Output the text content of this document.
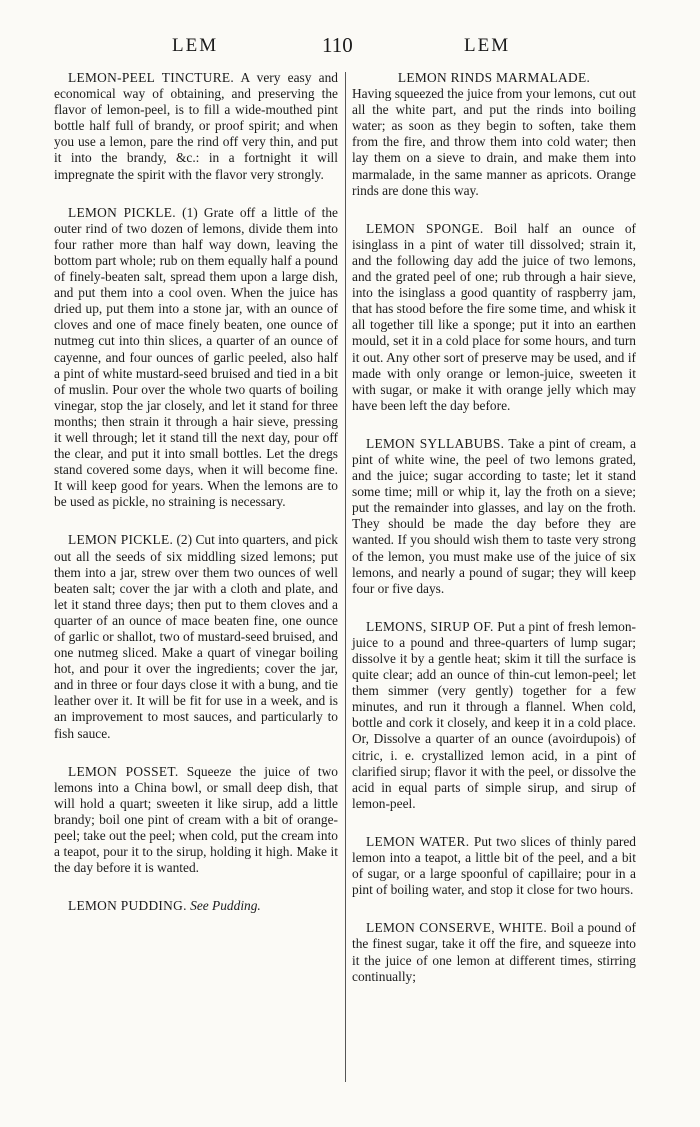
LEM	110	LEM

LEMON-PEEL TINCTURE. A very easy and economical way of obtaining, and preserving the flavor of lemon-peel, is to fill a wide-mouthed pint bottle half full of brandy, or proof spirit; and when you use a lemon, pare the rind off very thin, and put it into the brandy, &c.: in a fortnight it will impregnate the spirit with the flavor very strongly.

LEMON PICKLE. (1) Grate off a little of the outer rind of two dozen of lemons, divide them into four rather more than half way down, leaving the bottom part whole; rub on them equally half a pound of finely-beaten salt, spread them upon a large dish, and put them into a cool oven. When the juice has dried up, put them into a stone jar, with an ounce of cloves and one of mace finely beaten, one ounce of nutmeg cut into thin slices, a quarter of an ounce of cayenne, and four ounces of garlic peeled, also half a pint of white mustard-seed bruised and tied in a bit of muslin. Pour over the whole two quarts of boiling vinegar, stop the jar closely, and let it stand for three months; then strain it through a hair sieve, pressing it well through; let it stand till the next day, pour off the clear, and put it into small bottles. Let the dregs stand covered some days, when it will become fine. It will keep good for years. When the lemons are to be used as pickle, no straining is necessary.

LEMON PICKLE. (2) Cut into quarters, and pick out all the seeds of six middling sized lemons; put them into a jar, strew over them two ounces of well beaten salt; cover the jar with a cloth and plate, and let it stand three days; then put to them cloves and a quarter of an ounce of mace beaten fine, one ounce of garlic or shallot, two of mustard-seed bruised, and one nutmeg sliced. Make a quart of vinegar boiling hot, and pour it over the ingredients; cover the jar, and in three or four days close it with a bung, and tie leather over it. It will be fit for use in a week, and is an improvement to most sauces, and particularly to fish sauce.

LEMON POSSET. Squeeze the juice of two lemons into a China bowl, or small deep dish, that will hold a quart; sweeten it like sirup, add a little brandy; boil one pint of cream with a bit of orange-peel; take out the peel; when cold, put the cream into a teapot, pour it to the sirup, holding it high. Make it the day before it is wanted.

LEMON PUDDING. See Pudding.

LEMON RINDS MARMALADE.
Having squeezed the juice from your lemons, cut out all the white part, and put the rinds into boiling water; as soon as they begin to soften, take them from the fire, and throw them into cold water; then lay them on a sieve to drain, and make them into marmalade, in the same manner as apricots. Orange rinds are done this way.

LEMON SPONGE. Boil half an ounce of isinglass in a pint of water till dissolved; strain it, and the following day add the juice of two lemons, and the grated peel of one; rub through a hair sieve, into the isinglass a good quantity of raspberry jam, that has stood before the fire some time, and whisk it all together till like a sponge; put it into an earthen mould, set it in a cold place for some hours, and turn it out. Any other sort of preserve may be used, and if made with only orange or lemon-juice, sweeten it with sugar, or make it with orange jelly which may have been left the day before.

LEMON SYLLABUBS. Take a pint of cream, a pint of white wine, the peel of two lemons grated, and the juice; sugar according to taste; let it stand some time; mill or whip it, lay the froth on a sieve; put the remainder into glasses, and lay on the froth. They should be made the day before they are wanted. If you should wish them to taste very strong of the lemon, you must make use of the juice of six lemons, and nearly a pound of sugar; they will keep four or five days.

LEMONS, SIRUP OF. Put a pint of fresh lemon-juice to a pound and three-quarters of lump sugar; dissolve it by a gentle heat; skim it till the surface is quite clear; add an ounce of thin-cut lemon-peel; let them simmer (very gently) together for a few minutes, and run it through a flannel. When cold, bottle and cork it closely, and keep it in a cold place. Or, Dissolve a quarter of an ounce (avoirdupois) of citric, i. e. crystallized lemon acid, in a pint of clarified sirup; flavor it with the peel, or dissolve the acid in equal parts of simple sirup, and sirup of lemon-peel.

LEMON WATER. Put two slices of thinly pared lemon into a teapot, a little bit of the peel, and a bit of sugar, or a large spoonful of capillaire; pour in a pint of boiling water, and stop it close for two hours.

LEMON CONSERVE, WHITE. Boil a pound of the finest sugar, take it off the fire, and squeeze into it the juice of one lemon at different times, stirring continually;
